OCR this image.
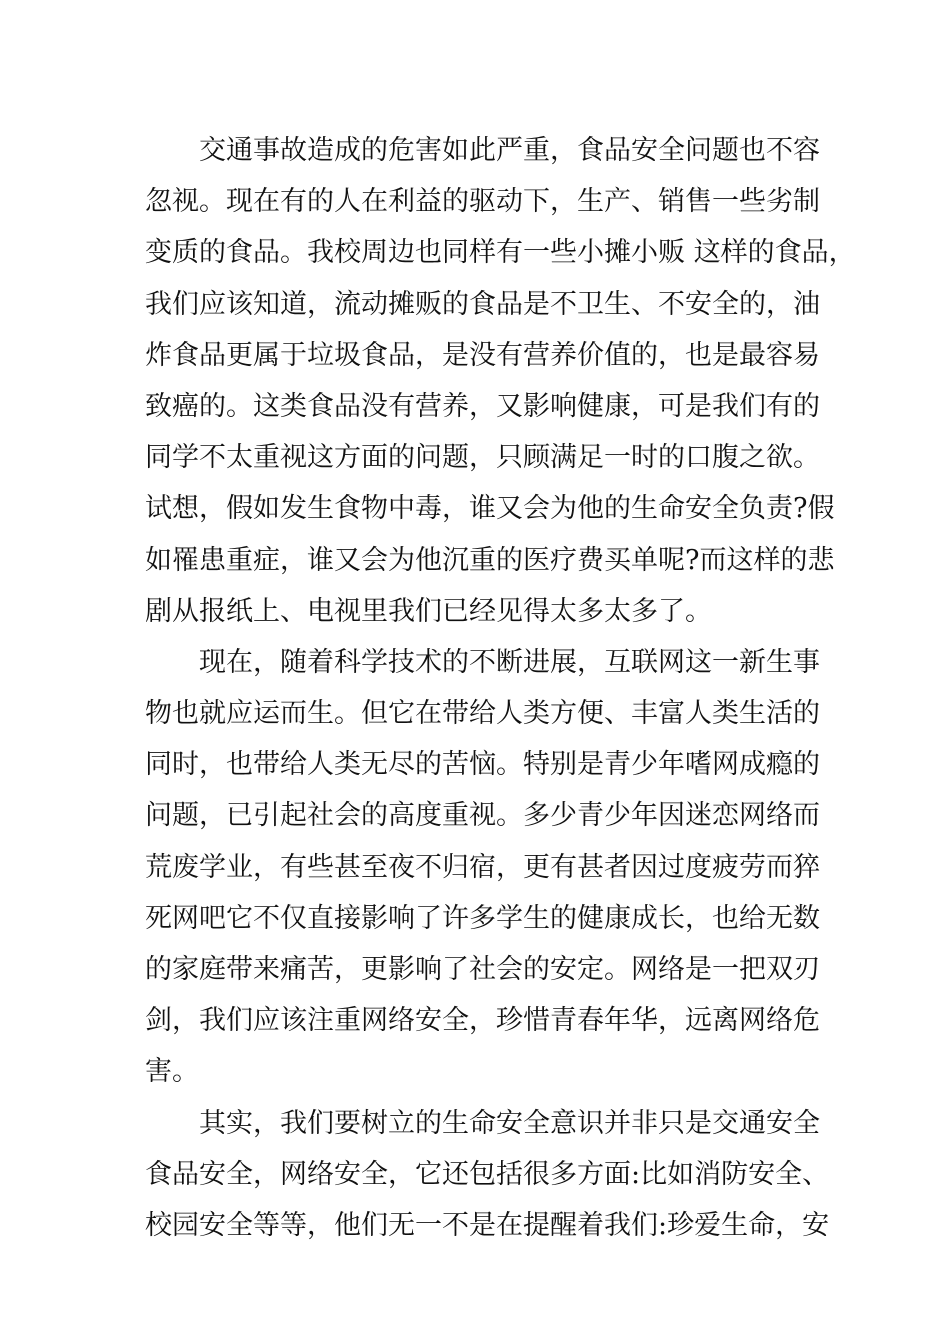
交通事故造成的危害如此严重，食品安全问题也不容
忽视。现在有的人在利益的驱动下，生产、销售一些劣制
变质的食品。我校周边也同样有一些小摊小贩 这样的食品，
我们应该知道，流动摊贩的食品是不卫生、不安全的，油
炸食品更属于垃圾食品，是没有营养价值的，也是最容易
致癌的。这类食品没有营养，又影响健康，可是我们有的
同学不太重视这方面的问题，只顾满足一时的口腹之欲。
试想，假如发生食物中毒，谁又会为他的生命安全负责?假
如罹患重症，谁又会为他沉重的医疗费买单呢?而这样的悲
剧从报纸上、电视里我们已经见得太多太多了。
现在，随着科学技术的不断进展，互联网这一新生事
物也就应运而生。但它在带给人类方便、丰富人类生活的
同时，也带给人类无尽的苦恼。特别是青少年嗜网成瘾的
问题，已引起社会的高度重视。多少青少年因迷恋网络而
荒废学业，有些甚至夜不归宿，更有甚者因过度疲劳而猝
死网吧它不仅直接影响了许多学生的健康成长，也给无数
的家庭带来痛苦，更影响了社会的安定。网络是一把双刃
剑，我们应该注重网络安全，珍惜青春年华，远离网络危
害。
其实，我们要树立的生命安全意识并非只是交通安全
食品安全，网络安全，它还包括很多方面:比如消防安全、
校园安全等等，他们无一不是在提醒着我们:珍爱生命，安
